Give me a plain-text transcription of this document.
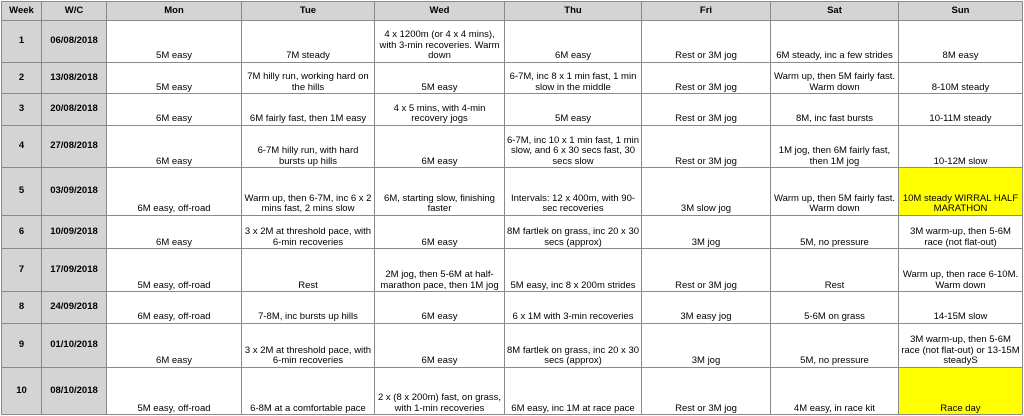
Week	W/C	Mon	Tue	Wed	Thu	Fri	Sat	Sun
1	06/08/2018	5M easy	7M steady	4 x 1200m (or 4 x 4 mins), with 3-min recoveries. Warm down	6M easy	Rest or 3M jog	6M steady, inc a few strides	8M easy
2	13/08/2018	5M easy	7M hilly run, working hard on the hills	5M easy	6-7M, inc 8 x 1 min fast, 1 min slow in the middle	Rest or 3M jog	Warm up, then 5M fairly fast. Warm down	8-10M steady
3	20/08/2018	6M easy	6M fairly fast, then 1M easy	4 x 5 mins, with 4-min recovery jogs	5M easy	Rest or 3M jog	8M, inc fast bursts	10-11M steady
4	27/08/2018	6M easy	6-7M hilly run, with hard bursts up hills	6M easy	6-7M, inc 10 x 1 min fast, 1 min slow, and 6 x 30 secs fast, 30 secs slow	Rest or 3M jog	1M jog, then 6M fairly fast, then 1M jog	10-12M slow
5	03/09/2018	6M easy, off-road	Warm up, then 6-7M, inc 6 x 2 mins fast, 2 mins slow	6M, starting slow, finishing faster	Intervals: 12 x 400m, with 90-sec recoveries	3M slow jog	Warm up, then 5M fairly fast. Warm down	10M steady WIRRAL HALF MARATHON
6	10/09/2018	6M easy	3 x 2M at threshold pace, with 6-min recoveries	6M easy	8M fartlek on grass, inc 20 x 30 secs (approx)	3M jog	5M, no pressure	3M warm-up, then 5-6M race (not flat-out)
7	17/09/2018	5M easy, off-road	Rest	2M jog, then 5-6M at half-marathon pace, then 1M jog	5M easy, inc 8 x 200m strides	Rest or 3M jog	Rest	Warm up, then race 6-10M. Warm down
8	24/09/2018	6M easy, off-road	7-8M, inc bursts up hills	6M easy	6 x 1M with 3-min recoveries	3M easy jog	5-6M on grass	14-15M slow
9	01/10/2018	6M easy	3 x 2M at threshold pace, with 6-min recoveries	6M easy	8M fartlek on grass, inc 20 x 30 secs (approx)	3M jog	5M, no pressure	3M warm-up, then 5-6M race (not flat-out) or 13-15M steadyS
10	08/10/2018	5M easy, off-road	6-8M at a comfortable pace	2 x (8 x 200m) fast, on grass, with 1-min recoveries	6M easy, inc 1M at race pace	Rest or 3M jog	4M easy, in race kit	Race day
